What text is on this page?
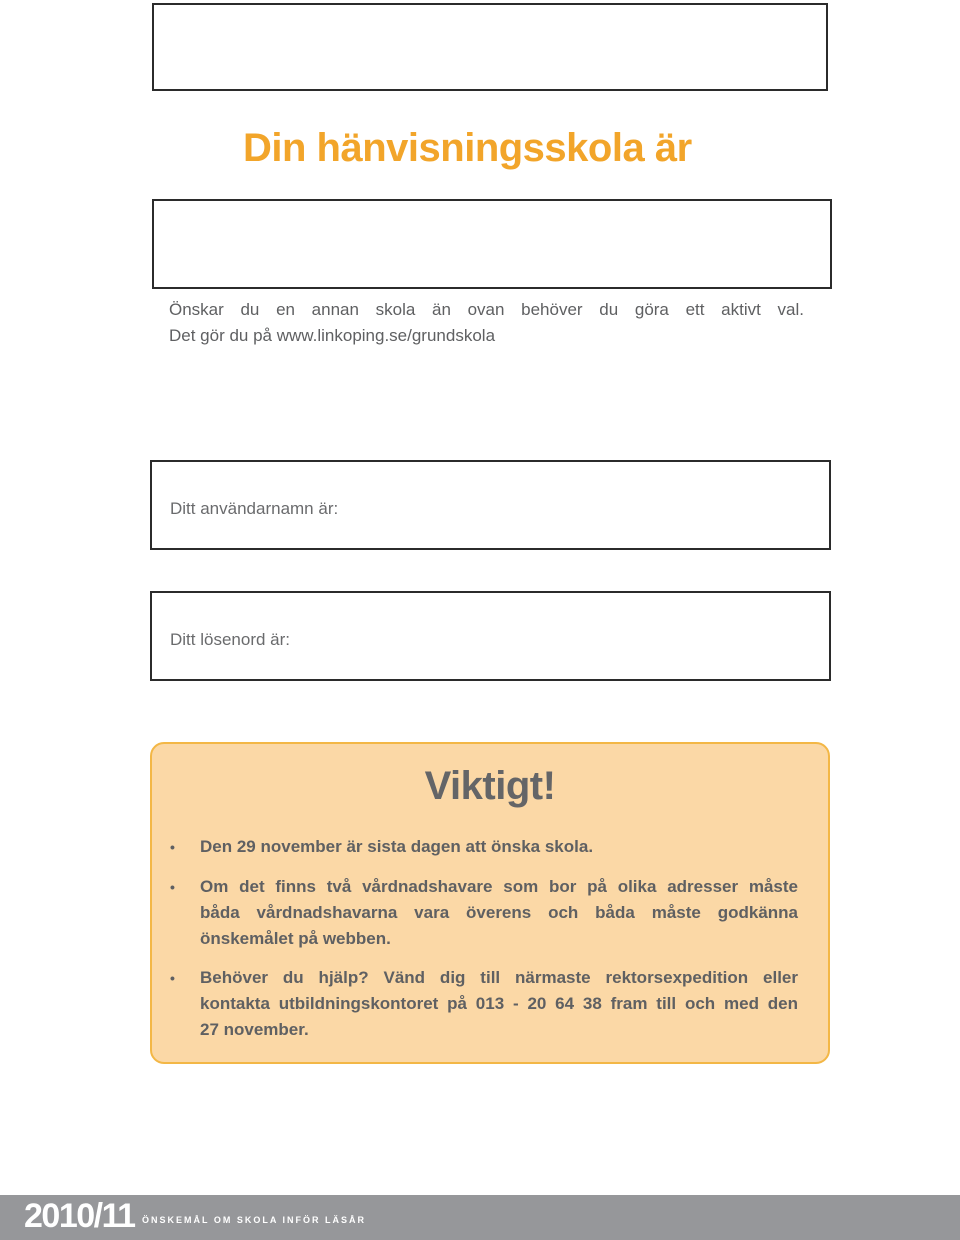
Din hänvisningsskola är
Önskar du en annan skola än ovan behöver du göra ett aktivt val.
Det gör du på www.linkoping.se/grundskola
Ditt användarnamn är:
Ditt lösenord är:
Viktigt!
•	Den 29 november är sista dagen att önska skola.
•	Om det finns två vårdnadshavare som bor på olika adresser måste
båda vårdnadshavarna vara överens och båda måste godkänna
önskemålet på webben.
•	Behöver du hjälp? Vänd dig till närmaste rektorsexpedition eller
kontakta utbildningskontoret på 013 - 20 64 38 fram till och med den
27 november.
2010/11 ÖNSKEMÅL OM SKOLA INFÖR LÄSÅR
